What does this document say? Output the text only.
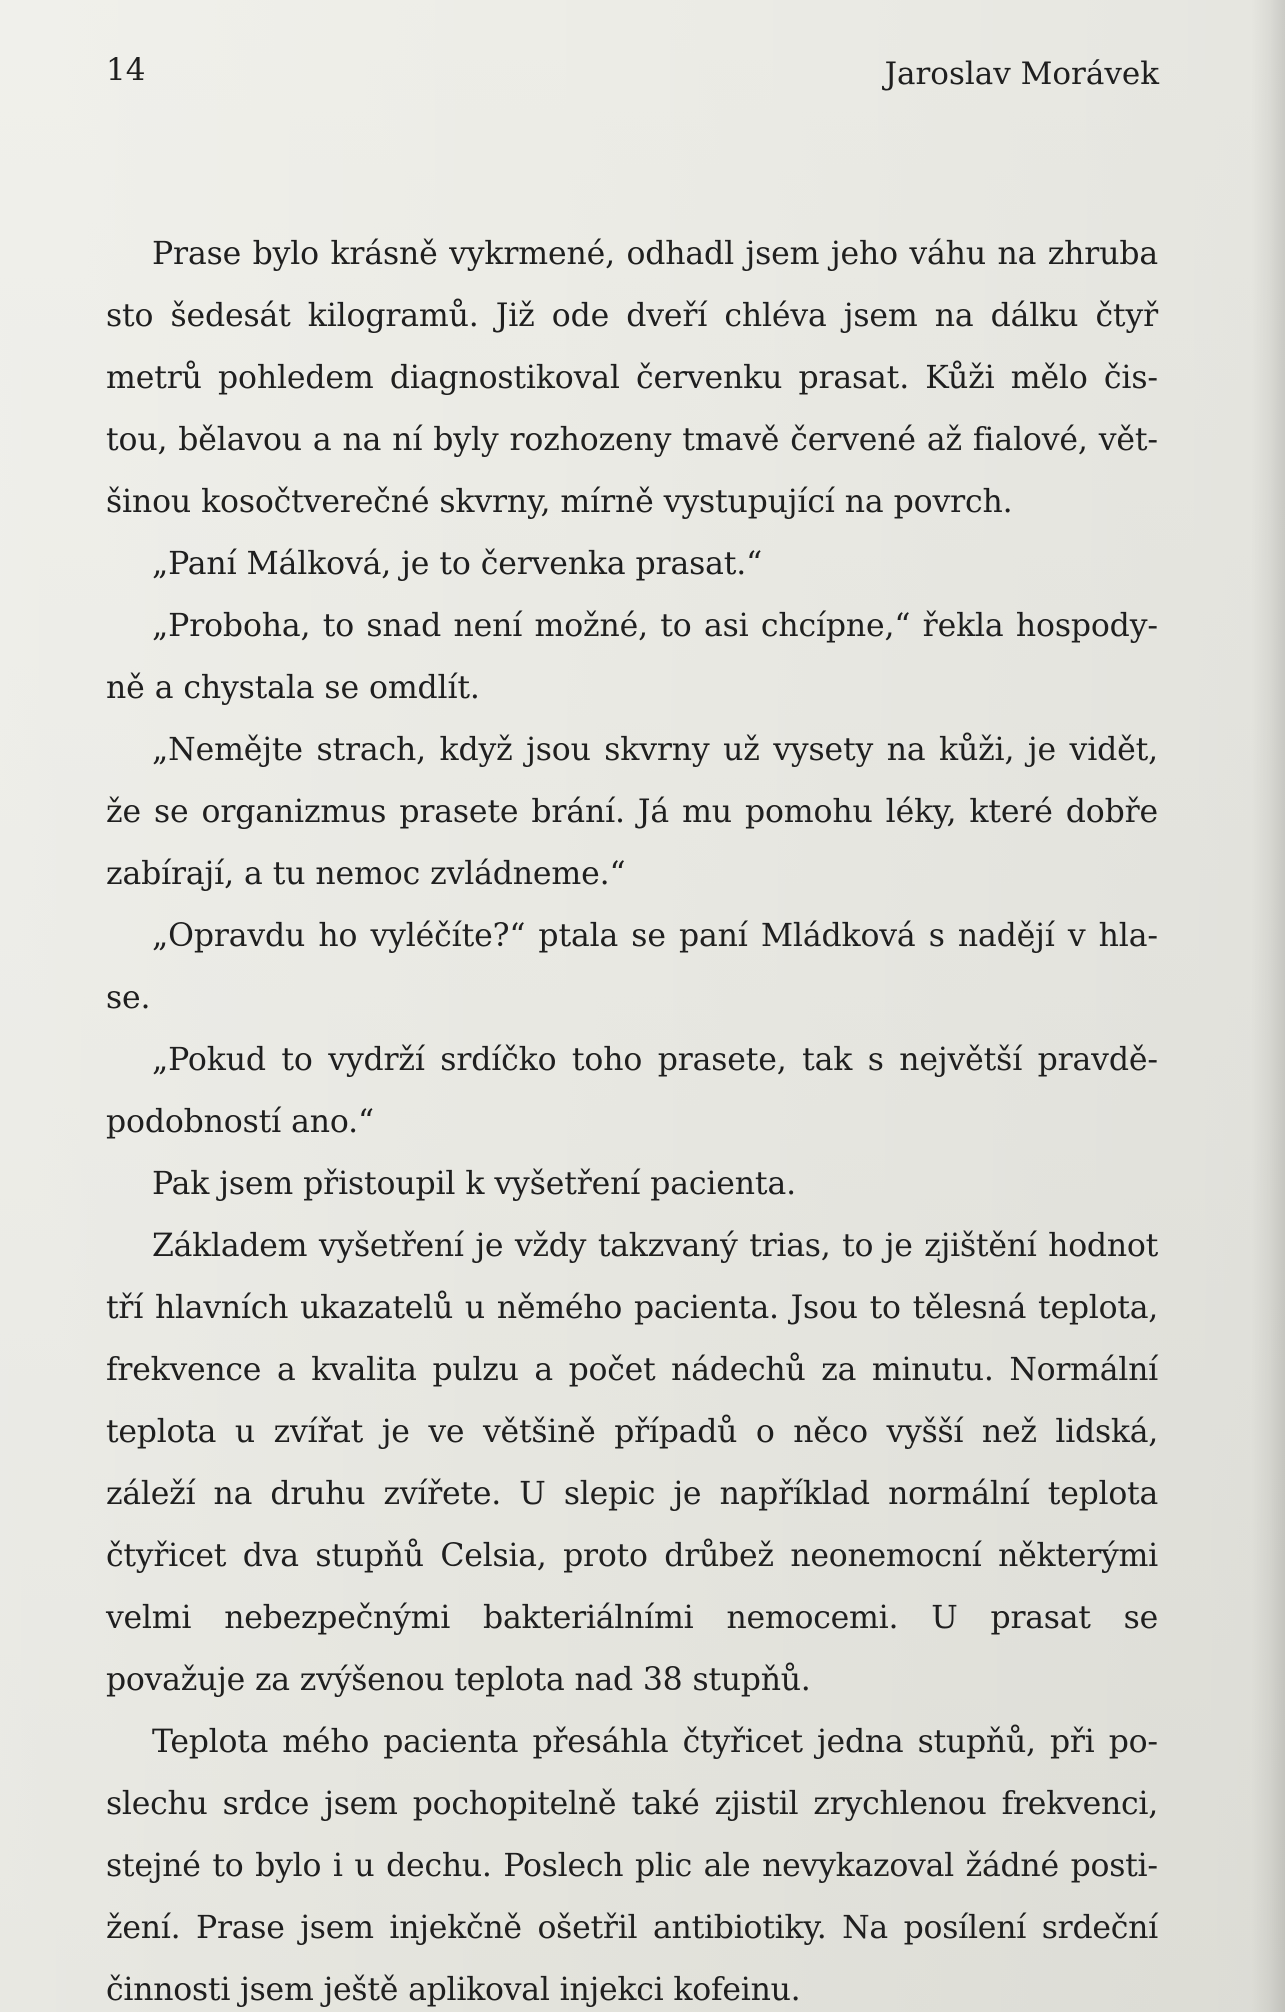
14	Jaroslav Morávek

Prase bylo krásně vykrmené, odhadl jsem jeho váhu na zhruba sto šedesát kilogramů. Již ode dveří chléva jsem na dálku čtyř metrů pohledem diagnostikoval červenku prasat. Kůži mělo čistou, bělavou a na ní byly rozhozeny tmavě červené až fialové, většinou kosočtverečné skvrny, mírně vystupující na povrch.

„Paní Málková, je to červenka prasat.“

„Proboha, to snad není možné, to asi chcípne,“ řekla hospodyně a chystala se omdlít.

„Nemějte strach, když jsou skvrny už vysety na kůži, je vidět, že se organizmus prasete brání. Já mu pomohu léky, které dobře zabírají, a tu nemoc zvládneme.“

„Opravdu ho vyléčíte?“ ptala se paní Mládková s nadějí v hlase.

„Pokud to vydrží srdíčko toho prasete, tak s největší pravděpodobností ano.“

Pak jsem přistoupil k vyšetření pacienta.

Základem vyšetření je vždy takzvaný trias, to je zjištění hodnot tří hlavních ukazatelů u němého pacienta. Jsou to tělesná teplota, frekvence a kvalita pulzu a počet nádechů za minutu. Normální teplota u zvířat je ve většině případů o něco vyšší než lidská, záleží na druhu zvířete. U slepic je například normální teplota čtyřicet dva stupňů Celsia, proto drůbež neonemocní některými velmi nebezpečnými bakteriálními nemocemi. U prasat se považuje za zvýšenou teplota nad 38 stupňů.

Teplota mého pacienta přesáhla čtyřicet jedna stupňů, při poslechu srdce jsem pochopitelně také zjistil zrychlenou frekvenci, stejné to bylo i u dechu. Poslech plic ale nevykazoval žádné postižení. Prase jsem injekčně ošetřil antibiotiky. Na posílení srdeční činnosti jsem ještě aplikoval injekci kofeinu.
